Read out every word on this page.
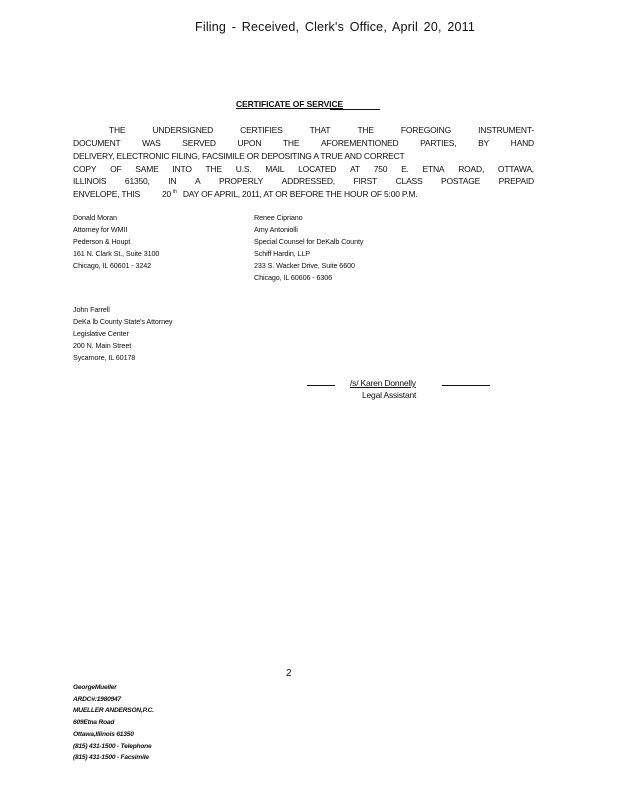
Filing - Received, Clerk's Office, April 20, 2011
CERTIFICATE OF SERVICE
THE	UNDERSIGNED	CERTIFIES	THAT	THE	FOREGOING	INSTRUMENT-
DOCUMENT	WAS	SERVED	UPON	THE	AFOREMENTIONED	PARTIES,	BY	HAND
DELIVERY, ELECTRONIC FILING, FACSIMILE OR DEPOSITING A TRUE AND CORRECT
COPY OF SAME INTO THE U.S. MAIL LOCATED AT 750 E. ETNA ROAD, OTTAWA,
ILLINOIS 61350, IN A PROPERLY ADDRESSED, FIRST CLASS POSTAGE PREPAID
ENVELOPE, THIS	20 th DAY OF APRIL, 2011, AT OR BEFORE THE HOUR OF 5:00 P.M.
Donald Moran
Attorney for WMII
Pederson & Houpt
161 N. Clark St., Suite 3100
Chicago, IL 60601 - 3242
Renee Cipriano
Amy Antoniolli
Special Counsel for DeKalb County
Schiff Hardin, LLP
233 S. Wacker Drive, Suite 6600
Chicago, IL 60606 - 6306
John Farrell
DeKa lb County State's Attorney
Legislative Center
200 N. Main Street
Sycamore, IL 60178
/s/ Karen Donnelly
Legal Assistant
2
GeorgeMueller
ARDC#:1980947
MUELLER ANDERSON,P.C.
609Etna Road
Ottawa,Illinois 61350
(815) 431-1500 - Telephone
(815) 431-1500 - Facsimile
